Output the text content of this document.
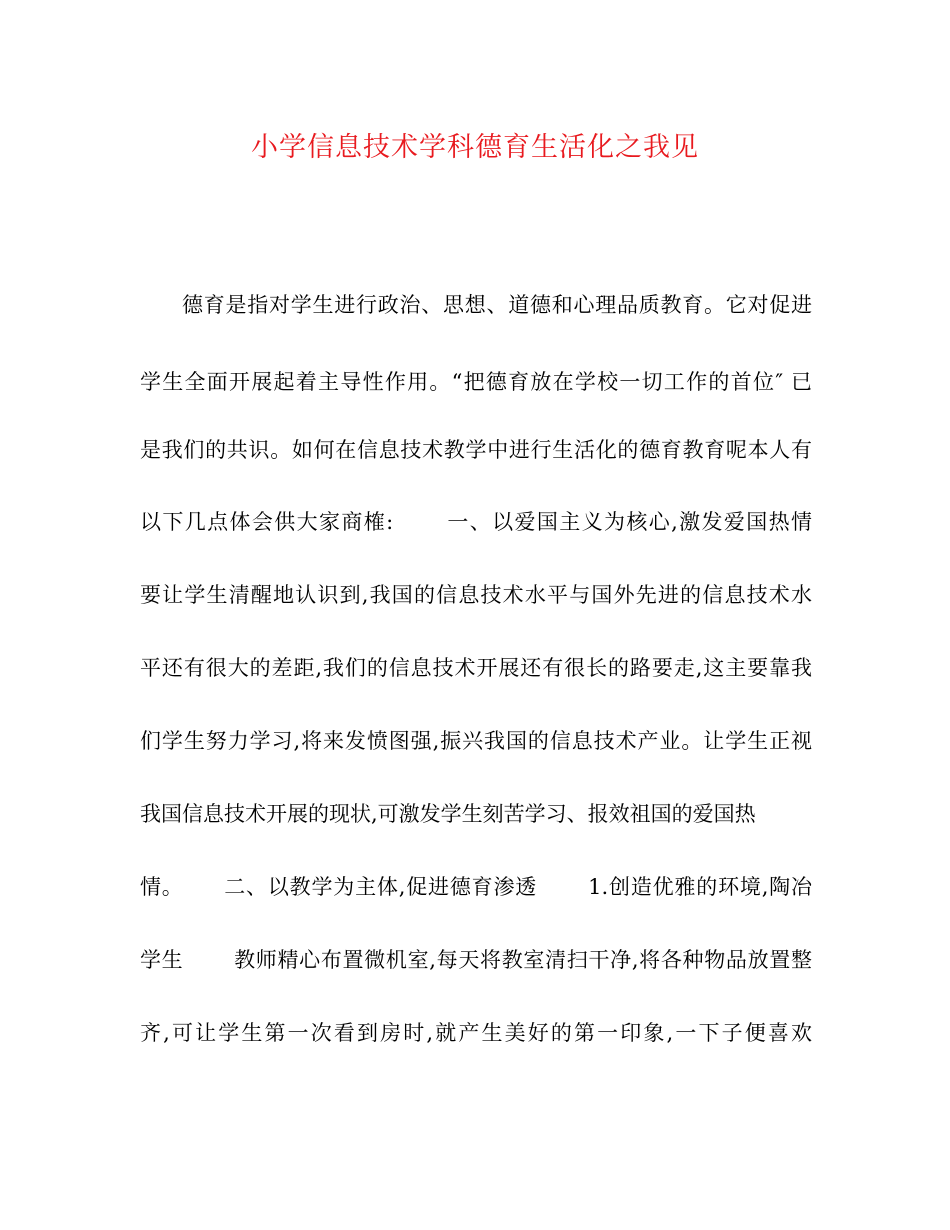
小学信息技术学科德育生活化之我见
德育是指对学生进行政治、思想、道德和心理品质教育。它对促进
学生全面开展起着主导性作用。“把德育放在学校一切工作的首位″ 已
是我们的共识。如何在信息技术教学中进行生活化的德育教育呢本人有
以下几点体会供大家商榷:　　 一、以爱国主义为核心,激发爱国热情
要让学生清醒地认识到,我国的信息技术水平与国外先进的信息技术水
平还有很大的差距,我们的信息技术开展还有很长的路要走,这主要靠我
们学生努力学习,将来发愤图强,振兴我国的信息技术产业。让学生正视
我国信息技术开展的现状,可激发学生刻苦学习、报效祖国的爱国热
情。　　 二、以教学为主体,促进德育渗透　　 1.创造优雅的环境,陶冶
学生　　 教师精心布置微机室,每天将教室清扫干净,将各种物品放置整
齐,可让学生第一次看到房时,就产生美好的第一印象,一下子便喜欢
